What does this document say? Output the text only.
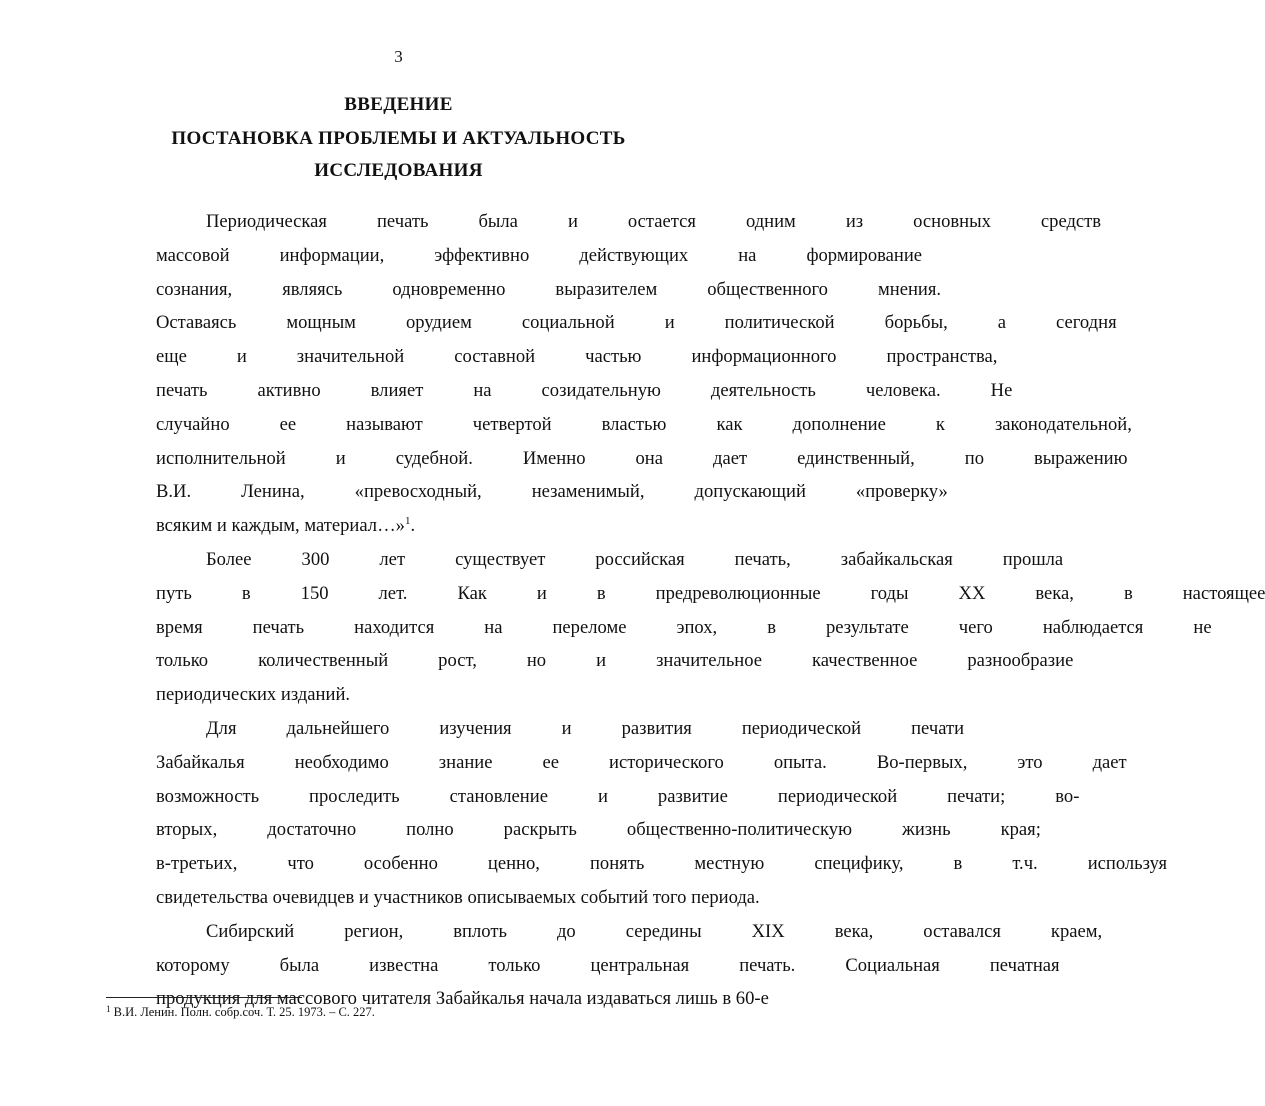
3
ВВЕДЕНИЕ
ПОСТАНОВКА ПРОБЛЕМЫ И АКТУАЛЬНОСТЬ
ИССЛЕДОВАНИЯ
Периодическая	печать	была	и	остается	одним	из	основных	средств
массовой	информации,	эффективно	действующих	на	формирование
сознания,	являясь	одновременно	выразителем	общественного	мнения.
Оставаясь	мощным	орудием	социальной	и	политической	борьбы,	а	сегодня
еще	и	значительной	составной	частью	информационного	пространства,
печать	активно	влияет	на	созидательную	деятельность	человека.	Не
случайно	ее	называют	четвертой	властью	как	дополнение	к	законодательной,
исполнительной	и	судебной.	Именно	она	дает	единственный,	по	выражению
В.И.	Ленина,	«превосходный,	незаменимый,	допускающий	«проверку»
всяким и каждым, материал…»$^1$.
Более	300	лет	существует	российская	печать,	забайкальская	прошла
путь	в	150	лет.	Как	и	в	предреволюционные	годы	XX	века,	в	настоящее
время	печать	находится	на	переломе	эпох,	в	результате	чего	наблюдается	не
только	количественный	рост,	но	и	значительное	качественное	разнообразие
периодических изданий.
Для	дальнейшего	изучения	и	развития	периодической	печати
Забайкалья	необходимо	знание	ее	исторического	опыта.	Во-первых,	это	дает
возможность	проследить	становление	и	развитие	периодической	печати;	во-
вторых,	достаточно	полно	раскрыть	общественно-политическую	жизнь	края;
в-третьих,	что	особенно	ценно,	понять	местную	специфику,	в	т.ч.	используя
свидетельства очевидцев и участников описываемых событий того периода.
Сибирский	регион,	вплоть	до	середины	XIX	века,	оставался	краем,
которому	была	известна	только	центральная	печать.	Социальная	печатная
продукция для массового читателя Забайкалья начала издаваться лишь в 60-е
$^1$ В.И. Ленин. Полн. собр.соч. Т. 25. 1973. – С. 227.
